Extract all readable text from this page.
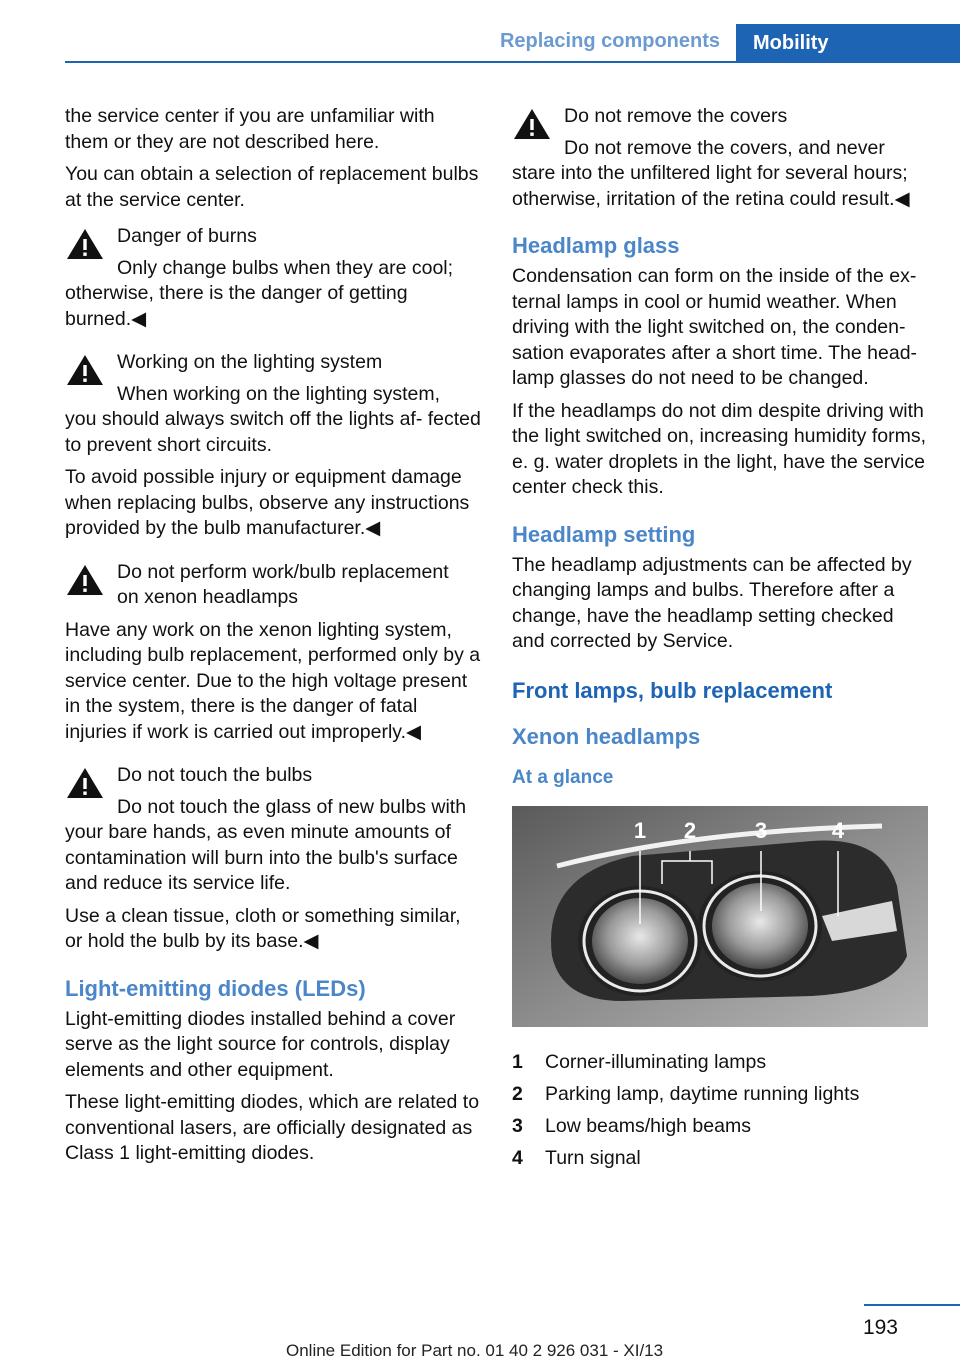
Replacing components Mobility

the service center if you are unfamiliar with them or they are not described here.

You can obtain a selection of replacement bulbs at the service center.

Danger of burns
Only change bulbs when they are cool;
otherwise, there is the danger of getting burned.◀
Working on the lighting system
When working on the lighting system,
you should always switch off the lights af‐ fected to prevent short circuits.

To avoid possible injury or equipment damage when replacing bulbs, observe any instructions provided by the bulb manufacturer.◀

Do not perform work/bulb replacement
on xenon headlamps

Have any work on the xenon lighting system, including bulb replacement, performed only by a service center. Due to the high voltage present in the system, there is the danger of fatal injuries if work is carried out improperly.◀

Do not touch the bulbs
Do not touch the glass of new bulbs with
your bare hands, as even minute amounts of contamination will burn into the bulb's surface and reduce its service life.

Use a clean tissue, cloth or something similar, or hold the bulb by its base.◀

Light-emitting diodes (LEDs)

Light-emitting diodes installed behind a cover serve as the light source for controls, display elements and other equipment.

These light-emitting diodes, which are related to conventional lasers, are officially designated as Class 1 light-emitting diodes.

Do not remove the covers
Do not remove the covers, and never
stare into the unfiltered light for several hours; otherwise, irritation of the retina could result.◀
Headlamp glass

Condensation can form on the inside of the ex‐ ternal lamps in cool or humid weather. When driving with the light switched on, the conden‐ sation evaporates after a short time. The head‐ lamp glasses do not need to be changed.

If the headlamps do not dim despite driving with the light switched on, increasing humidity forms, e. g. water droplets in the light, have the service center check this.

Headlamp setting

The headlamp adjustments can be affected by changing lamps and bulbs. Therefore after a change, have the headlamp setting checked and corrected by Service.

Front lamps, bulb replacement
Xenon headlamps
At a glance
1 2	3	4
1	Corner-illuminating lamps
2	Parking lamp, daytime running lights
3	Low beams/high beams
4	Turn signal
193
Online Edition for Part no. 01 40 2 926 031 - XI/13
